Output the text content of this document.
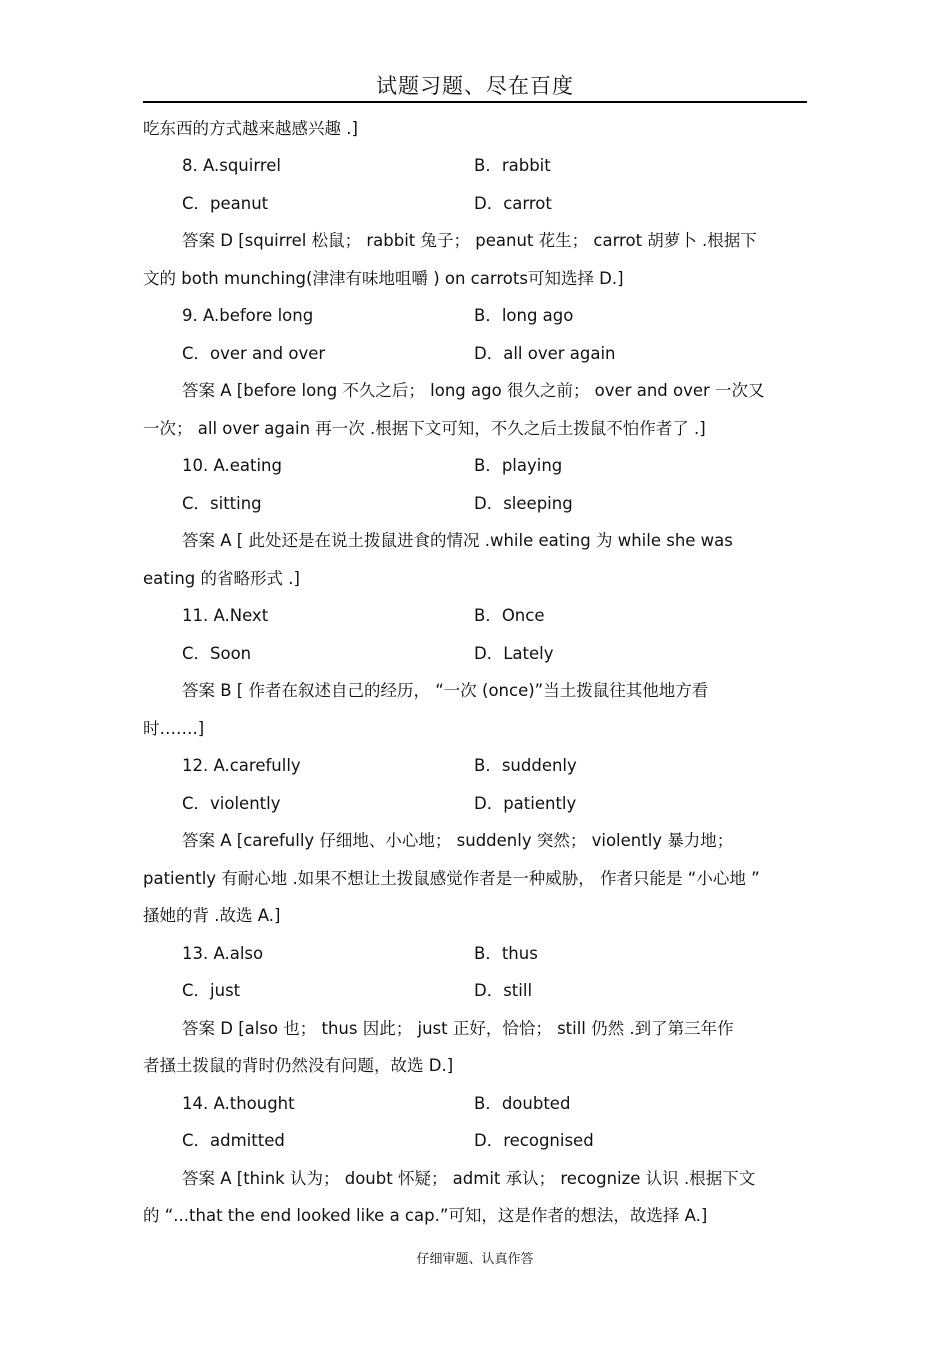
试题习题、尽在百度
吃东西的方式越来越感兴趣 .]
8. A.squirrel	B．rabbit
C．peanut	D．carrot
答案 D [squirrel 松鼠； rabbit 兔子； peanut 花生； carrot 胡萝卜 .根据下
文的 both munching(津津有味地咀嚼 ) on carrots可知选择 D.]
9. A.before long	B．long ago
C．over and over	D．all over again
答案 A [before long 不久之后； long ago 很久之前； over and over 一次又
一次； all over again 再一次 .根据下文可知，不久之后土拨鼠不怕作者了 .]
10. A.eating	B．playing
C．sitting	D．sleeping
答案 A [ 此处还是在说土拨鼠进食的情况 .while eating 为 while she was
eating 的省略形式 .]
11. A.Next	B．Once
C．Soon	D．Lately
答案 B [ 作者在叙述自己的经历， “一次 (once)”当土拨鼠往其他地方看
时…….]
12. A.carefully	B．suddenly
C．violently	D．patiently
答案 A [carefully 仔细地、小心地； suddenly 突然； violently 暴力地；
patiently 有耐心地 .如果不想让土拨鼠感觉作者是一种威胁， 作者只能是 “小心地 ”
搔她的背 .故选 A.]
13. A.also	B．thus
C．just	D．still
答案 D [also 也； thus 因此； just 正好，恰恰； still 仍然 .到了第三年作
者搔土拨鼠的背时仍然没有问题，故选 D.]
14. A.thought	B．doubted
C．admitted	D．recognised
答案 A [think 认为； doubt 怀疑； admit 承认； recognize 认识 .根据下文
的 “...that the end looked like a cap.”可知，这是作者的想法，故选择 A.]
仔细审题、认真作答
